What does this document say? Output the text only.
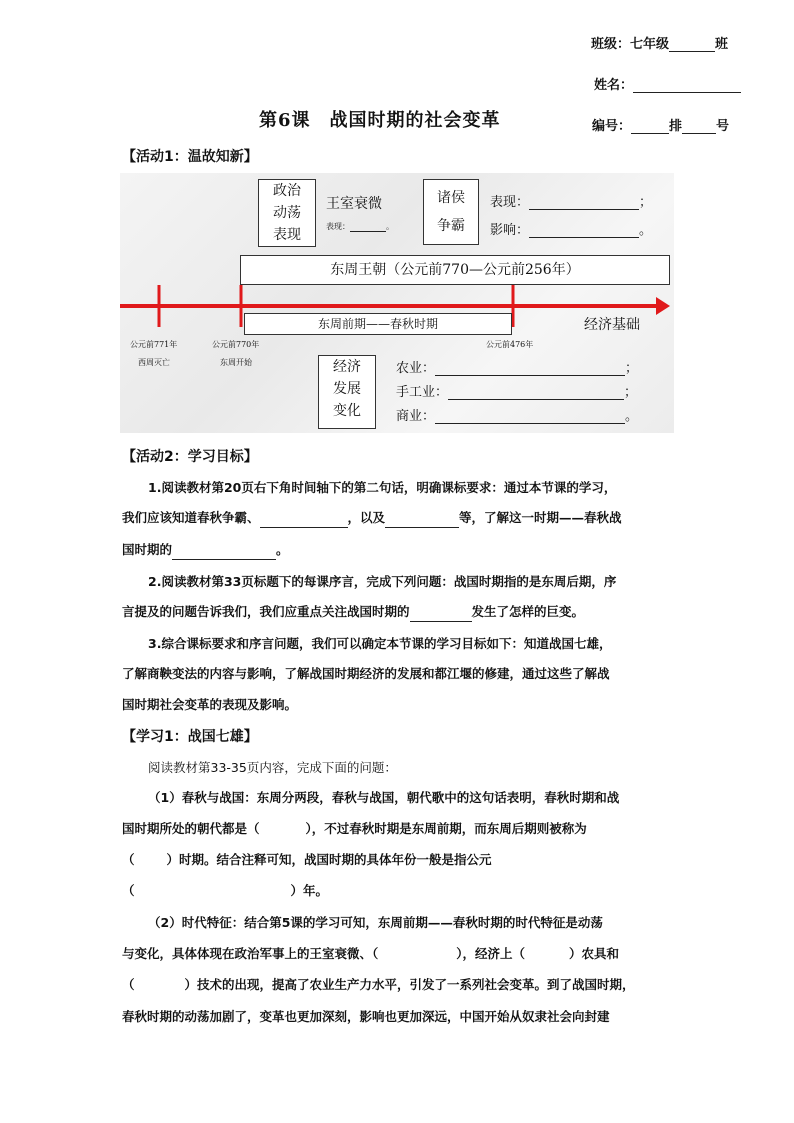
班级：七年级	班
姓名：
第6课　战国时期的社会变革	编号：	排	号
【活动1：温故知新】
政治
动荡
表现
王室衰微
表现：	。
诸侯
争霸
表现：	；
影响：	。
东周王朝（公元前770—公元前256年）
经济基础
东周前期——春秋时期
公元前771年
西周灭亡
公元前770年
东周开始
公元前476年
经济
发展
变化
农业：	；
手工业：	；
商业：	。
【活动2：学习目标】
1.阅读教材第20页右下角时间轴下的第二句话，明确课标要求：通过本节课的学习，
我们应该知道春秋争霸、	，以及	等，了解这一时期——春秋战
国时期的	。
2.阅读教材第33页标题下的每课序言，完成下列问题：战国时期指的是东周后期，序
言提及的问题告诉我们，我们应重点关注战国时期的	发生了怎样的巨变。
3.综合课标要求和序言问题，我们可以确定本节课的学习目标如下：知道战国七雄，
了解商鞅变法的内容与影响，了解战国时期经济的发展和都江堰的修建，通过这些了解战
国时期社会变革的表现及影响。
【学习1：战国七雄】
阅读教材第33-35页内容，完成下面的问题：
（1）春秋与战国：东周分两段，春秋与战国，朝代歌中的这句话表明，春秋时期和战
国时期所处的朝代都是（	），不过春秋时期是东周前期，而东周后期则被称为
（	）时期。结合注释可知，战国时期的具体年份一般是指公元
（	）年。
（2）时代特征：结合第5课的学习可知，东周前期——春秋时期的时代特征是动荡
与变化，具体体现在政治军事上的王室衰微、（	），经济上（	）农具和
（	）技术的出现，提高了农业生产力水平，引发了一系列社会变革。到了战国时期，
春秋时期的动荡加剧了，变革也更加深刻，影响也更加深远，中国开始从奴隶社会向封建
